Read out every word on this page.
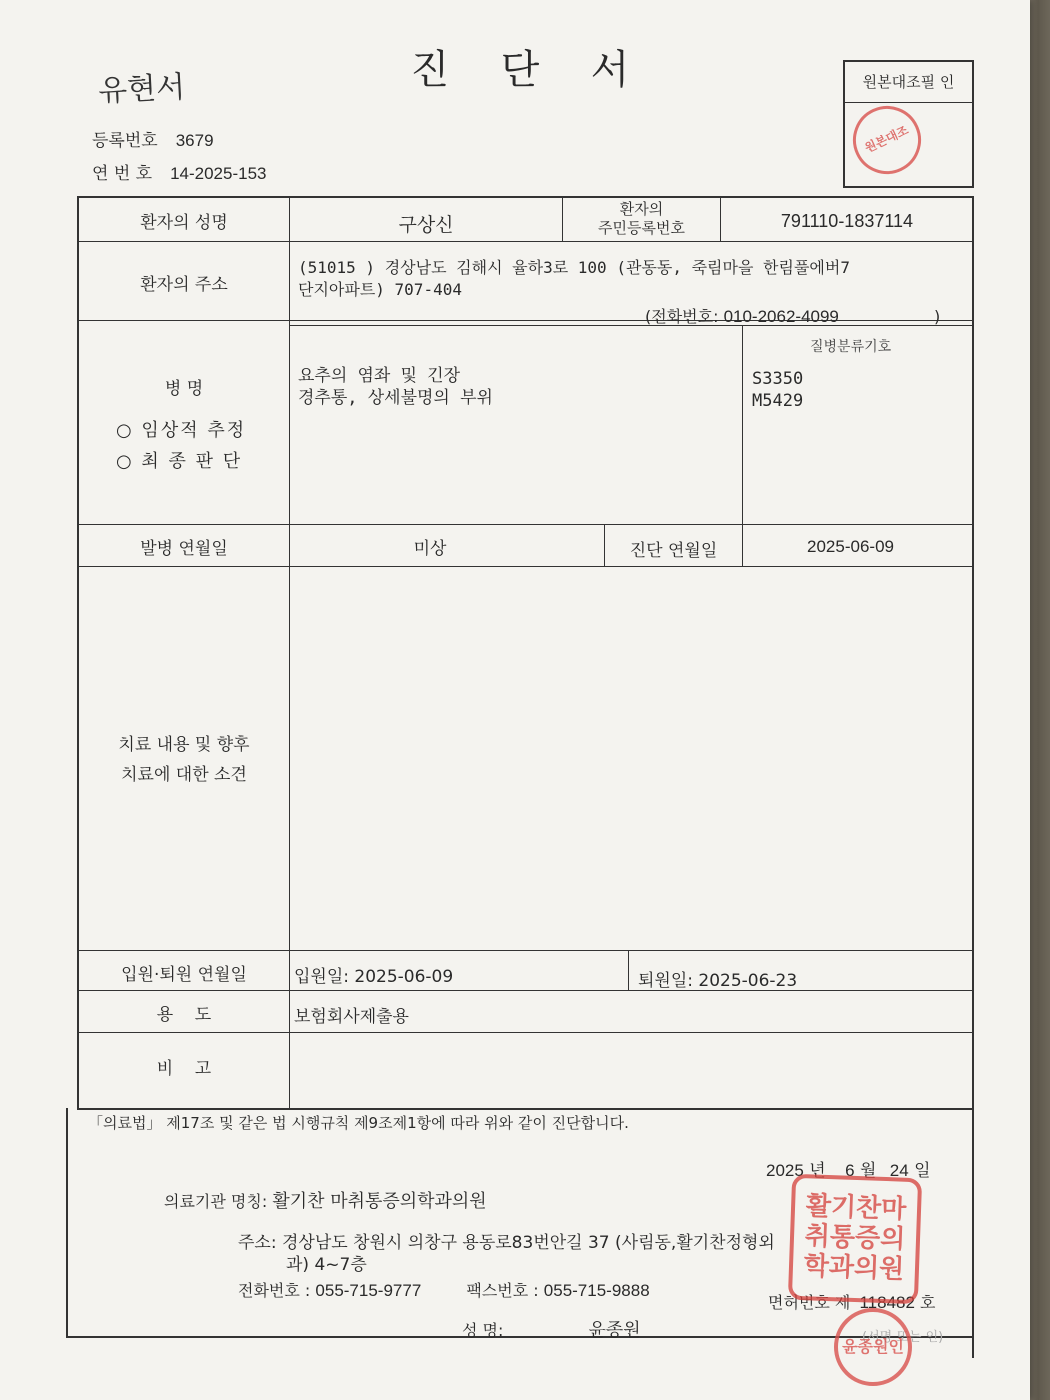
유현서	진 단 서
등록번호 3679
연 번 호 14-2025-153
원본대조필 인
원본대조
환자의 성명	구상신
환자의
주민등록번호	791110-1837114
환자의 주소
(51015 ) 경상남도 김해시 율하3로 100 (관동동, 죽림마을 한림풀에버7
단지아파트) 707-404
(전화번호: 010-2062-4099	)
병 명
○ 임상적 추정
○ 최 종 판 단
요추의 염좌 및 긴장
경추통, 상세불명의 부위
질병분류기호
S3350
M5429
발병 연월일	미상	진단 연월일	2025-06-09
치료 내용 및 향후
치료에 대한 소견
입원·퇴원 연월일	입원일: 2025-06-09	퇴원일: 2025-06-23
용    도	보험회사제출용
비    고
「의료법」 제17조 및 같은 법 시행규칙 제9조제1항에 따라 위와 같이 진단합니다.
2025 년 6 월 24 일
의료기관 명칭: 활기찬 마취통증의학과의원
주소: 경상남도 창원시 의창구 용동로83번안길 37 (사림동,활기찬정형외
과) 4~7층
전화번호 : 055-715-9777	팩스번호 : 055-715-9888
면허번호 제 118482 호
성 명:	윤종원	(서명 또는 인)
활기찬마취통증의학과의원
윤종원인
